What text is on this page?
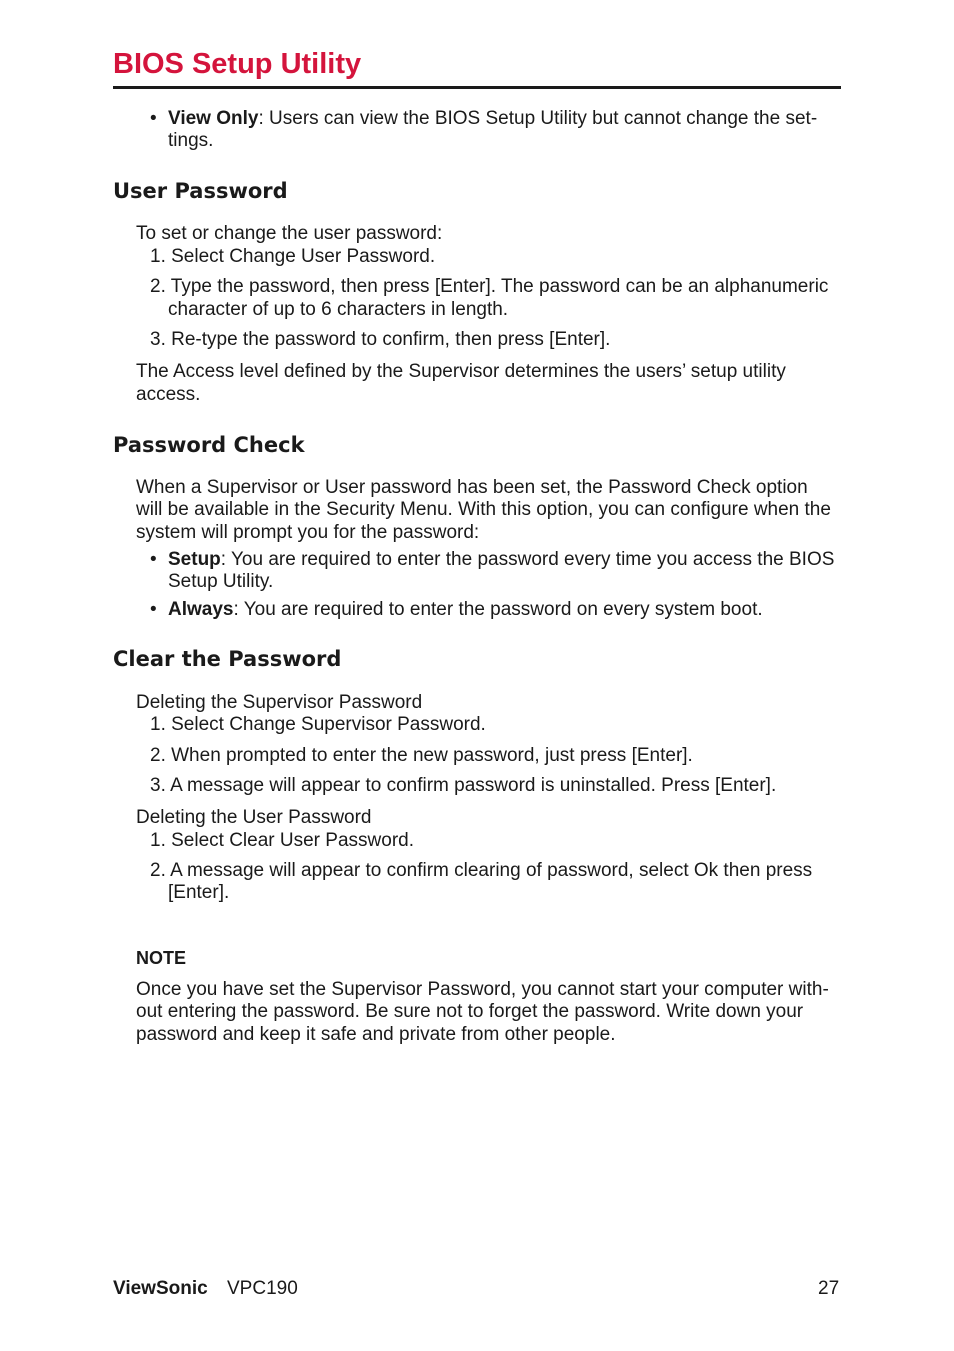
BIOS Setup Utility
• View Only: Users can view the BIOS Setup Utility but cannot change the set-
tings.
User Password
To set or change the user password:
1. Select Change User Password.
2. Type the password, then press [Enter]. The password can be an alphanumeric
character of up to 6 characters in length.
3. Re-type the password to confirm, then press [Enter].
The Access level defined by the Supervisor determines the users’ setup utility
access.
Password Check
When a Supervisor or User password has been set, the Password Check option
will be available in the Security Menu. With this option, you can configure when the
system will prompt you for the password:
• Setup: You are required to enter the password every time you access the BIOS
Setup Utility.
• Always: You are required to enter the password on every system boot.
Clear the Password
Deleting the Supervisor Password
1. Select Change Supervisor Password.
2. When prompted to enter the new password, just press [Enter].
3. A message will appear to confirm password is uninstalled. Press [Enter].
Deleting the User Password
1. Select Clear User Password.
2. A message will appear to confirm clearing of password, select Ok then press
[Enter].
NOTE
Once you have set the Supervisor Password, you cannot start your computer with-
out entering the password. Be sure not to forget the password. Write down your
password and keep it safe and private from other people.
ViewSonic VPC190	27
